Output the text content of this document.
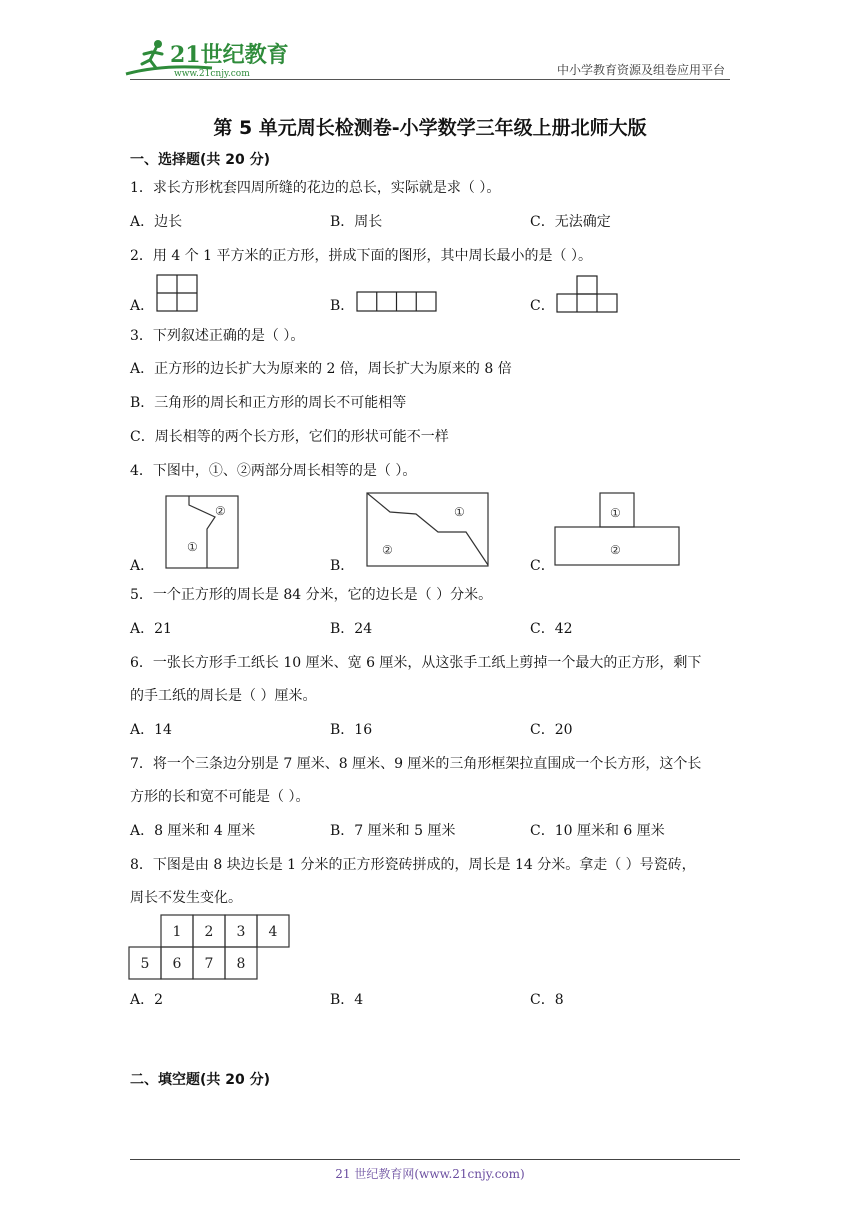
21世纪教育
www.21cnjy.com	中小学教育资源及组卷应用平台
第 5 单元周长检测卷-小学数学三年级上册北师大版
一、选择题(共 20 分)
1．求长方形枕套四周所缝的花边的总长，实际就是求（ ）。
A．边长	B．周长	C．无法确定
2．用 4 个 1 平方米的正方形，拼成下面的图形，其中周长最小的是（ ）。
A．	B．	C．
3．下列叙述正确的是（ ）。
A．正方形的边长扩大为原来的 2 倍，周长扩大为原来的 8 倍
B．三角形的周长和正方形的周长不可能相等
C．周长相等的两个长方形，它们的形状可能不一样
4．下图中，①、②两部分周长相等的是（ ）。
A．
②
①
B．
①
②
C．
①
②
5．一个正方形的周长是 84 分米，它的边长是（ ）分米。
A．21	B．24	C．42
6．一张长方形手工纸长 10 厘米、宽 6 厘米，从这张手工纸上剪掉一个最大的正方形，剩下
的手工纸的周长是（ ）厘米。
A．14	B．16	C．20
7．将一个三条边分别是 7 厘米、8 厘米、9 厘米的三角形框架拉直围成一个长方形，这个长
方形的长和宽不可能是（ ）。
A．8 厘米和 4 厘米	B．7 厘米和 5 厘米	C．10 厘米和 6 厘米
8．下图是由 8 块边长是 1 分米的正方形瓷砖拼成的，周长是 14 分米。拿走（ ）号瓷砖，
周长不发生变化。
1 2 3 4
5 6 7 8
A．2	B．4	C．8
二、填空题(共 20 分)
21 世纪教育网(www.21cnjy.com)
